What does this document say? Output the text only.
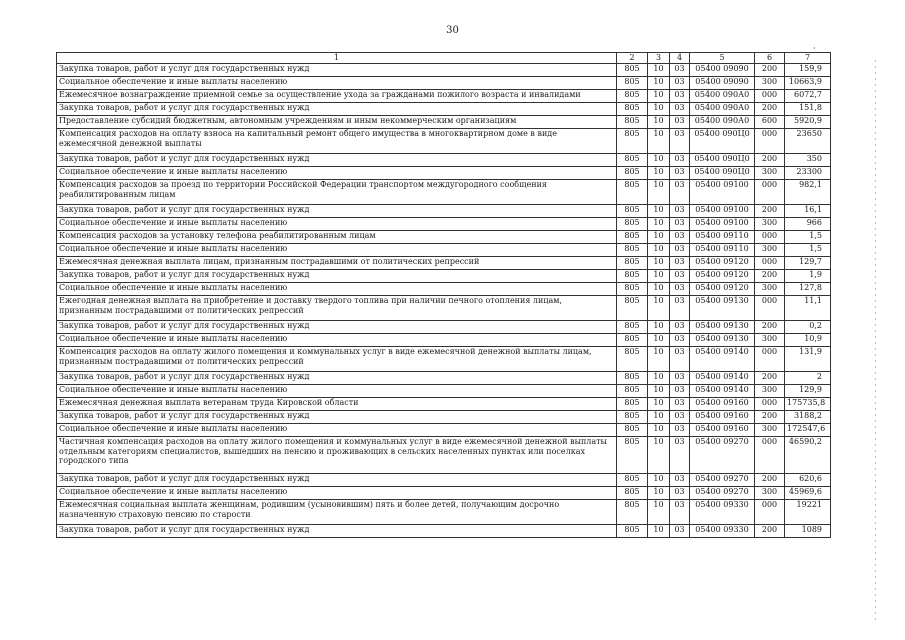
30
·
1	2	3	4	5	6	7
Закупка товаров, работ и услуг для государственных нужд	805	10	03	05400 09090	200	159,9
Социальное обеспечение и иные выплаты населению	805	10	03	05400 09090	300	10663,9
Ежемесячное вознаграждение приемной семье за осуществление ухода за гражданами пожилого возраста и инвалидами	805	10	03	05400 090А0	000	6072,7
Закупка товаров, работ и услуг для государственных нужд	805	10	03	05400 090А0	200	151,8
Предоставление субсидий бюджетным, автономным учреждениям и иным некоммерческим организациям	805	10	03	05400 090А0	600	5920,9
Компенсация расходов на оплату взноса на капитальный ремонт общего имущества в многоквартирном доме в виде ежемесячной денежной выплаты	805	10	03	05400 090Ц0	000	23650
Закупка товаров, работ и услуг для государственных нужд	805	10	03	05400 090Ц0	200	350
Социальное обеспечение и иные выплаты населению	805	10	03	05400 090Ц0	300	23300
Компенсация расходов за проезд по территории Российской Федерации транспортом междугородного сообщения реабилитированным лицам	805	10	03	05400 09100	000	982,1
Закупка товаров, работ и услуг для государственных нужд	805	10	03	05400 09100	200	16,1
Социальное обеспечение и иные выплаты населению	805	10	03	05400 09100	300	966
Компенсация расходов за установку телефона реабилитированным лицам	805	10	03	05400 09110	000	1,5
Социальное обеспечение и иные выплаты населению	805	10	03	05400 09110	300	1,5
Ежемесячная денежная выплата лицам, признанным пострадавшими от политических репрессий	805	10	03	05400 09120	000	129,7
Закупка товаров, работ и услуг для государственных нужд	805	10	03	05400 09120	200	1,9
Социальное обеспечение и иные выплаты населению	805	10	03	05400 09120	300	127,8
Ежегодная денежная выплата на приобретение и доставку твердого топлива при наличии печного отопления лицам, признанным пострадавшими от политических репрессий	805	10	03	05400 09130	000	11,1
Закупка товаров, работ и услуг для государственных нужд	805	10	03	05400 09130	200	0,2
Социальное обеспечение и иные выплаты населению	805	10	03	05400 09130	300	10,9
Компенсация расходов на оплату жилого помещения и коммунальных услуг в виде ежемесячной денежной выплаты лицам, признанным пострадавшими от политических репрессий	805	10	03	05400 09140	000	131,9
Закупка товаров, работ и услуг для государственных нужд	805	10	03	05400 09140	200	2
Социальное обеспечение и иные выплаты населению	805	10	03	05400 09140	300	129,9
Ежемесячная денежная выплата ветеранам труда Кировской области	805	10	03	05400 09160	000	175735,8
Закупка товаров, работ и услуг для государственных нужд	805	10	03	05400 09160	200	3188,2
Социальное обеспечение и иные выплаты населению	805	10	03	05400 09160	300	172547,6
Частичная компенсация расходов на оплату жилого помещения и коммунальных услуг в виде ежемесячной денежной выплаты отдельным категориям специалистов, вышедших на пенсию и проживающих в сельских населенных пунктах или поселках городского типа	805	10	03	05400 09270	000	46590,2
Закупка товаров, работ и услуг для государственных нужд	805	10	03	05400 09270	200	620,6
Социальное обеспечение и иные выплаты населению	805	10	03	05400 09270	300	45969,6
Ежемесячная социальная выплата женщинам, родившим (усыновившим) пять и более детей, получающим досрочно назначенную страховую пенсию по старости	805	10	03	05400 09330	000	19221
Закупка товаров, работ и услуг для государственных нужд	805	10	03	05400 09330	200	1089
